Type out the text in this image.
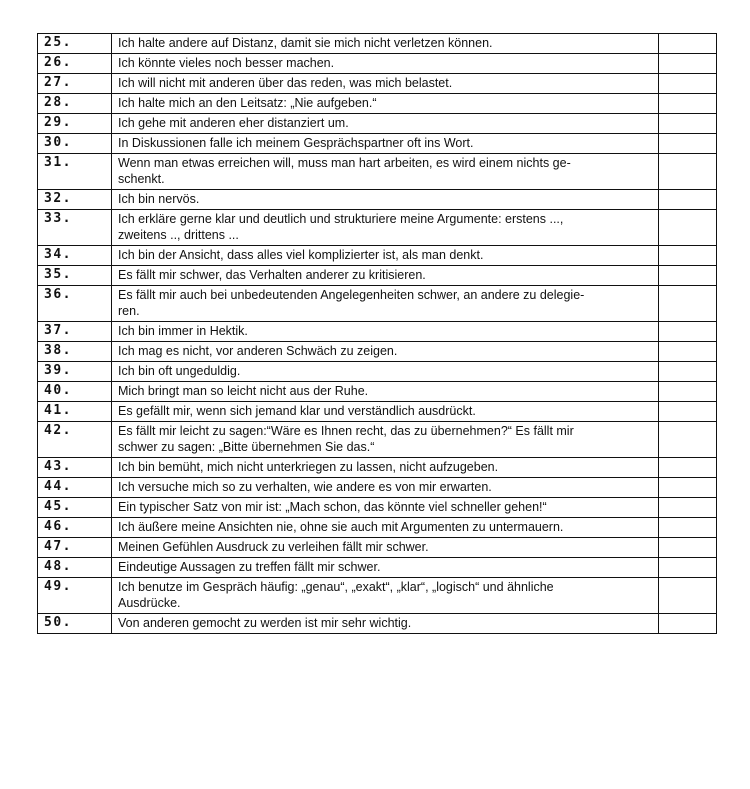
25.	Ich halte andere auf Distanz, damit sie mich nicht verletzen können.	
26.	Ich könnte vieles noch besser machen.	
27.	Ich will nicht mit anderen über das reden, was mich belastet.	
28.	Ich halte mich an den Leitsatz: „Nie aufgeben.“	
29.	Ich gehe mit anderen eher distanziert um.	
30.	In Diskussionen falle ich meinem Gesprächspartner oft ins Wort.	
31.	Wenn man etwas erreichen will, muss man hart arbeiten, es wird einem nichts ge-
schenkt.	

32.	Ich bin nervös.	
33.	Ich erkläre gerne klar und deutlich und strukturiere meine Argumente: erstens ...,
zweitens .., drittens ...	

34.	Ich bin der Ansicht, dass alles viel komplizierter ist, als man denkt.	
35.	Es fällt mir schwer, das Verhalten anderer zu kritisieren.	
36.	Es fällt mir auch bei unbedeutenden Angelegenheiten schwer, an andere zu delegie-
ren.	

37.	Ich bin immer in Hektik.	
38.	Ich mag es nicht, vor anderen Schwäch zu zeigen.	
39.	Ich bin oft ungeduldig.	
40.	Mich bringt man so leicht nicht aus der Ruhe.	
41.	Es gefällt mir, wenn sich jemand klar und verständlich ausdrückt.	
42.	Es fällt mir leicht zu sagen:“Wäre es Ihnen recht, das zu übernehmen?“ Es fällt mir
schwer zu sagen: „Bitte übernehmen Sie das.“	

43.	Ich bin bemüht, mich nicht unterkriegen zu lassen, nicht aufzugeben.	
44.	Ich versuche mich so zu verhalten, wie andere es von mir erwarten.	
45.	Ein typischer Satz von mir ist: „Mach schon, das könnte viel schneller gehen!“	
46.	Ich äußere meine Ansichten nie, ohne sie auch mit Argumenten zu untermauern.	
47.	Meinen Gefühlen Ausdruck zu verleihen fällt mir schwer.	
48.	Eindeutige Aussagen zu treffen fällt mir schwer.	
49.	Ich benutze im Gespräch häufig: „genau“, „exakt“, „klar“, „logisch“ und ähnliche
Ausdrücke.	

50.	Von anderen gemocht zu werden ist mir sehr wichtig.	
